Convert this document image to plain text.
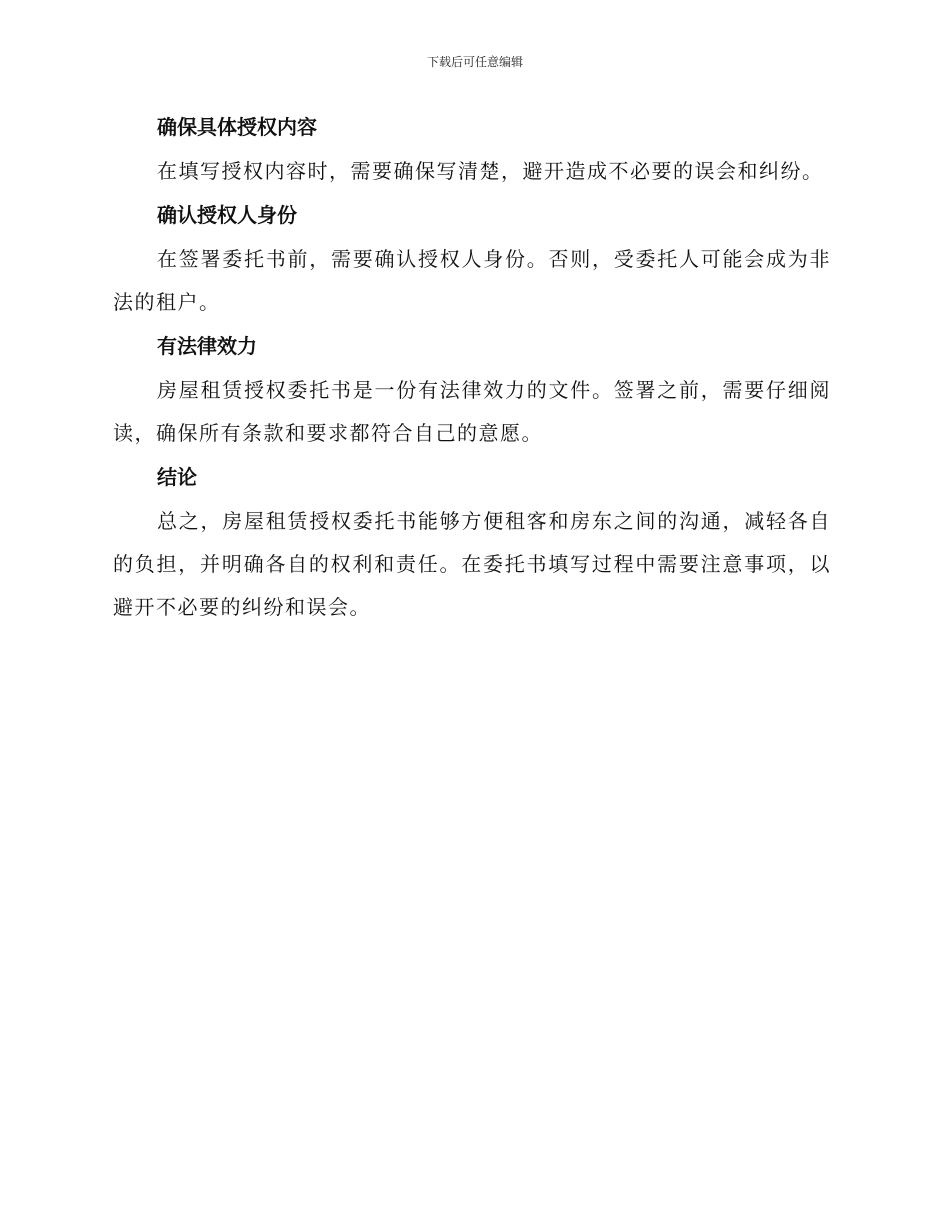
下载后可任意编辑
确保具体授权内容

在填写授权内容时，需要确保写清楚，避开造成不必要的误会和纠纷。

确认授权人身份

在签署委托书前，需要确认授权人身份。否则，受委托人可能会成为非法的租户。

有法律效力

房屋租赁授权委托书是一份有法律效力的文件。签署之前，需要仔细阅读，确保所有条款和要求都符合自己的意愿。

结论

总之，房屋租赁授权委托书能够方便租客和房东之间的沟通，减轻各自的负担，并明确各自的权利和责任。在委托书填写过程中需要注意事项，以避开不必要的纠纷和误会。
